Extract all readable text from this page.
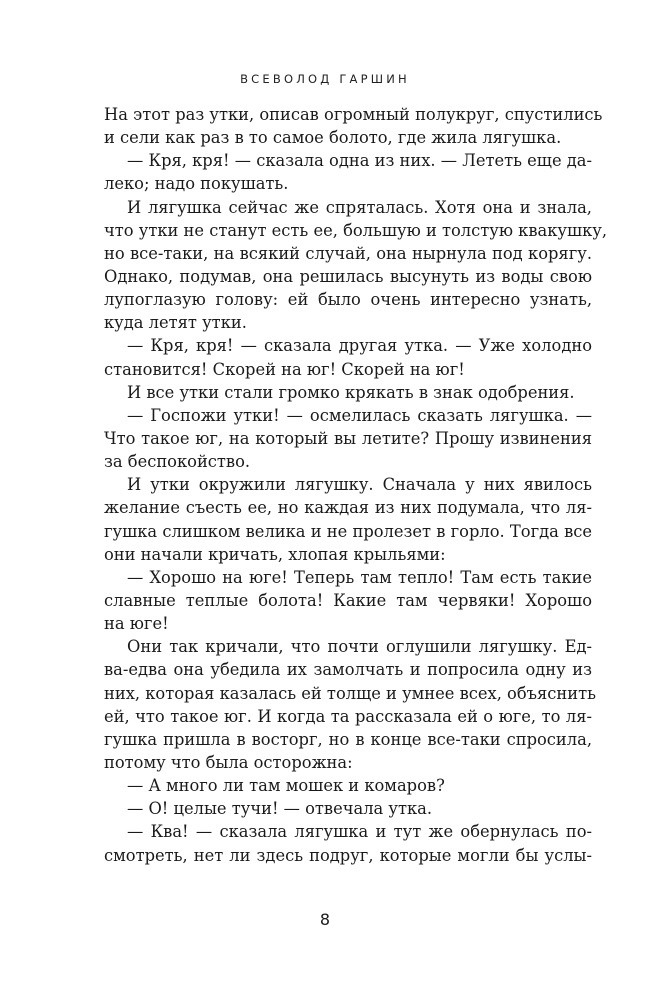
ВСЕВОЛОД ГАРШИН
На этот раз утки, описав огромный полукруг, спустились
и сели как раз в то самое болото, где жила лягушка.
— Кря, кря! — сказала одна из них. — Лететь еще да-
леко; надо покушать.
И лягушка сейчас же спряталась. Хотя она и знала,
что утки не станут есть ее, большую и толстую квакушку,
но все-таки, на всякий случай, она нырнула под корягу.
Однако, подумав, она решилась высунуть из воды свою
лупоглазую голову: ей было очень интересно узнать,
куда летят утки.
— Кря, кря! — сказала другая утка. — Уже холодно
становится! Скорей на юг! Скорей на юг!
И все утки стали громко крякать в знак одобрения.
— Госпожи утки! — осмелилась сказать лягушка. —
Что такое юг, на который вы летите? Прошу извинения
за беспокойство.
И утки окружили лягушку. Сначала у них явилось
желание съесть ее, но каждая из них подумала, что ля-
гушка слишком велика и не пролезет в горло. Тогда все
они начали кричать, хлопая крыльями:
— Хорошо на юге! Теперь там тепло! Там есть такие
славные теплые болота! Какие там червяки! Хорошо
на юге!
Они так кричали, что почти оглушили лягушку. Ед-
ва-едва она убедила их замолчать и попросила одну из
них, которая казалась ей толще и умнее всех, объяснить
ей, что такое юг. И когда та рассказала ей о юге, то ля-
гушка пришла в восторг, но в конце все-таки спросила,
потому что была осторожна:
— А много ли там мошек и комаров?
— О! целые тучи! — отвечала утка.
— Ква! — сказала лягушка и тут же обернулась по-
смотреть, нет ли здесь подруг, которые могли бы услы-
8
